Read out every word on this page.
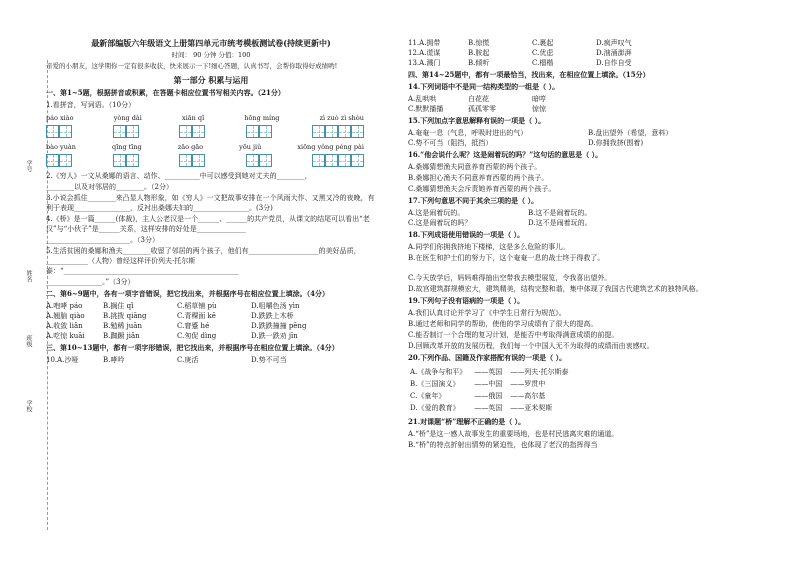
学号
姓名
班级
学校
最新部编版六年级语文上册第四单元市统考模板测试卷(持续更新中)
时间： 90 分钟 分值：100
亲爱的小朋友，这学期你一定有很多收获，快来展示一下!细心答题，认真书写，会帮你取得好成绩哟!
第一部分 积累与运用
一、第1~5题，根据拼音或积累，在答题卡相应位置书写相关内容。（21分）

1.看拼音，写词语。（10分）

páo xiào	yǒng dài	xiān qǐ	hōng míng	zì zuò zì shòu
bào yuàn	qīng tīng	zāo gāo	yōu jiǔ	xiōng yǒng péng pài

2.《穷人》一文从桑娜的语言、动作、__________中可以感受到她对丈夫的________，

________以及对邻居的________。（2分）

3.小说会抓住________来凸显人物形象，如《穷人》一文把故事安排在一个风雨大作、又黑又冷的夜晚，有利于表现________________，反衬出桑娜夫妇的________________。(3分)

4.《桥》是一篇______(体裁)，主人公老汉是一个______、______的共产党员，从课文的结尾可以看出“老汉”与“小伙子”是______关系，这样安排的好处是______________

________________________。（3分）

5.生活贫困的桑娜和渔夫________收留了邻居的两个孩子，他们有____________________的美好品质，____________（人物）曾经这样评价列夫·托尔斯泰：“__________________________________________________

________________。”（3分）

二、第6~9题中，各有一项字音错误，把它找出来，并根据序号在相应位置上填涂。（4分）
A.咆哮 páo	B.搁住 qǐ	C.稻草铺 pù	D.咀嚼色汤 yìn
A.翘脑 qiào	B.挑拨 qiāng	C.青稞面 kē	D.跌跌上木桥
A.收敛 liǎn	B.勉稀 juān	C.窘蹙 hé	D.跌跌撞撞 pēng
A.吃惊 kuāi	B.踟蹰 jiǎn	C.匆促 dìng	D.跌一跌劝 jīn
三、第10~13题中，都有一项字形错误，把它找出来，并根据序号在相应位置上填涂。（4分）
10.A.沙哑	B.哮吟	C.庚活	D.势不可当
11.A.拥带	B.惊慌	C.裹起	D.疯声叹气
12.A.谎谋	B.胺起	C.优虑	D.汹涌澎湃
13.A.溅门	B.倾听	C.榴楷	D.自作自受
四、第14~25题中，都有一项最恰当，找出来，在相应位置上填涂。（15分）
14.下列词语中不是同一结构类型的一组是（ ）。
A.乱哄哄	白花花	暗哼
C.默默播播	孤孤零零	惊惊
15.下列加点字意思解释有误的一项是（ ）。
A.奄奄一息（气息，呼吸时进出的气）	B.盘出望外（希望，意料）
C.势不可当（阻挡，抵挡）	D.你拥我挤(围着)
16.“他会说什么呢？这是闹着玩的吗？”这句话的意思是（ ）。

A.桑娜猜想渔夫同意养育西蒙的两个孩子。

B.桑娜担心渔夫不同意养育西蒙的两个孩子。

C.桑娜猜想渔夫会斥责她养育西蒙的两个孩子。

17.下列句意思不同于其余三项的是（ ）。
A.这是闹着玩的。	B.这不是闹着玩的。
C.这是闹着玩的吗？	D.这不是闹着玩的。
18.下列成语使用错误的一项是（ ）。

A.同学们你拥我挤地下楼梯，这是多么危险的事儿。

B.在医生和护士们的努力下，这个奄奄一息的战士终于得救了。

C.今天放学后，妈妈难得抽出空带我去模型展览，令我喜出望外。

D.故宫建筑群规模宏大，建筑精美，结构完整和谐，集中体现了我国古代建筑艺术的独特风格。

19.下列句子没有语病的一项是（ ）。

A.我们认真讨论并学习了《中学生日常行为规范》。

B.通过老师和同学的帮助，使他的学习成绩有了很大的提高。

C.能否制订一个合理的复习计划，是能否中考取得满意成绩的前提。

D.回顾改革开放的发展历程，我们每一个中国人无不为取得的成绩而由衷感叹。

20.下列作品、国籍及作家搭配有误的一项是（ ）。
A.《战争与和平》	——英国	——列夫·托尔斯泰
B.《三国演义》	——中国	——罗贯中
C.《童年》	——俄国	——高尔基
D.《爱的教育》	——英国	——亚米契斯
21.对课题“桥”理解不正确的是（ ）。

A.“桥”是这一感人故事发生的重要场地，也是村民逃离灾难的通道。

B.“桥”的特点折射出情势的紧迫性，也体现了老汉的指挥得当
